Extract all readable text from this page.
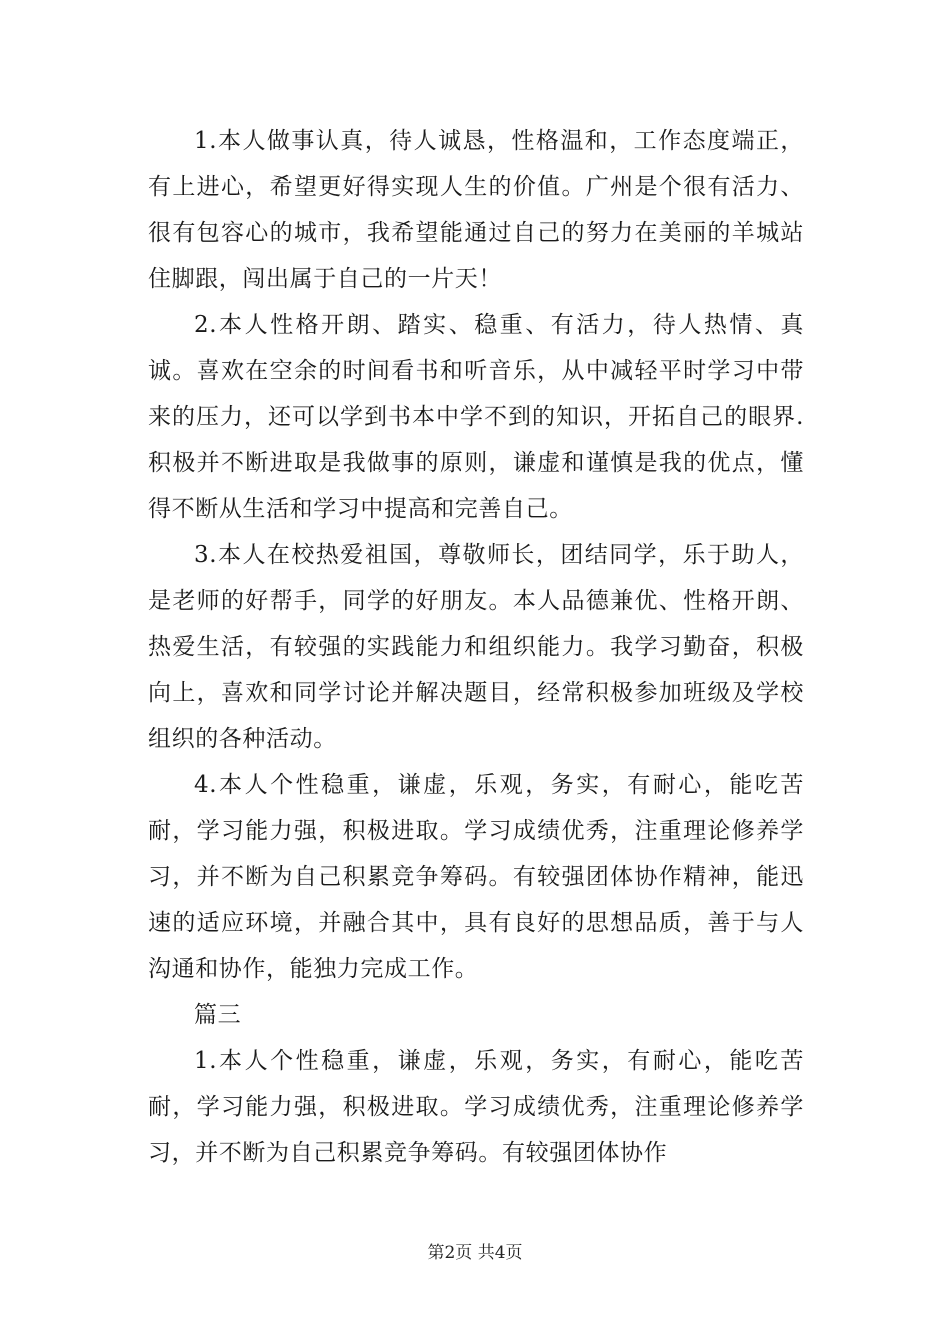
1.本人做事认真，待人诚恳，性格温和，工作态度端正，有上进心，希望更好得实现人生的价值。广州是个很有活力、很有包容心的城市，我希望能通过自己的努力在美丽的羊城站住脚跟，闯出属于自己的一片天！

2.本人性格开朗、踏实、稳重、有活力，待人热情、真诚。喜欢在空余的时间看书和听音乐，从中减轻平时学习中带来的压力，还可以学到书本中学不到的知识，开拓自己的眼界.积极并不断进取是我做事的原则，谦虚和谨慎是我的优点，懂得不断从生活和学习中提高和完善自己。

3.本人在校热爱祖国，尊敬师长，团结同学，乐于助人，是老师的好帮手，同学的好朋友。本人品德兼优、性格开朗、热爱生活，有较强的实践能力和组织能力。我学习勤奋，积极向上，喜欢和同学讨论并解决题目，经常积极参加班级及学校组织的各种活动。

4.本人个性稳重，谦虚，乐观，务实，有耐心，能吃苦耐，学习能力强，积极进取。学习成绩优秀，注重理论修养学习，并不断为自己积累竞争筹码。有较强团体协作精神，能迅速的适应环境，并融合其中，具有良好的思想品质，善于与人沟通和协作，能独力完成工作。

篇三

1.本人个性稳重，谦虚，乐观，务实，有耐心，能吃苦耐，学习能力强，积极进取。学习成绩优秀，注重理论修养学习，并不断为自己积累竞争筹码。有较强团体协作

第2页 共4页
